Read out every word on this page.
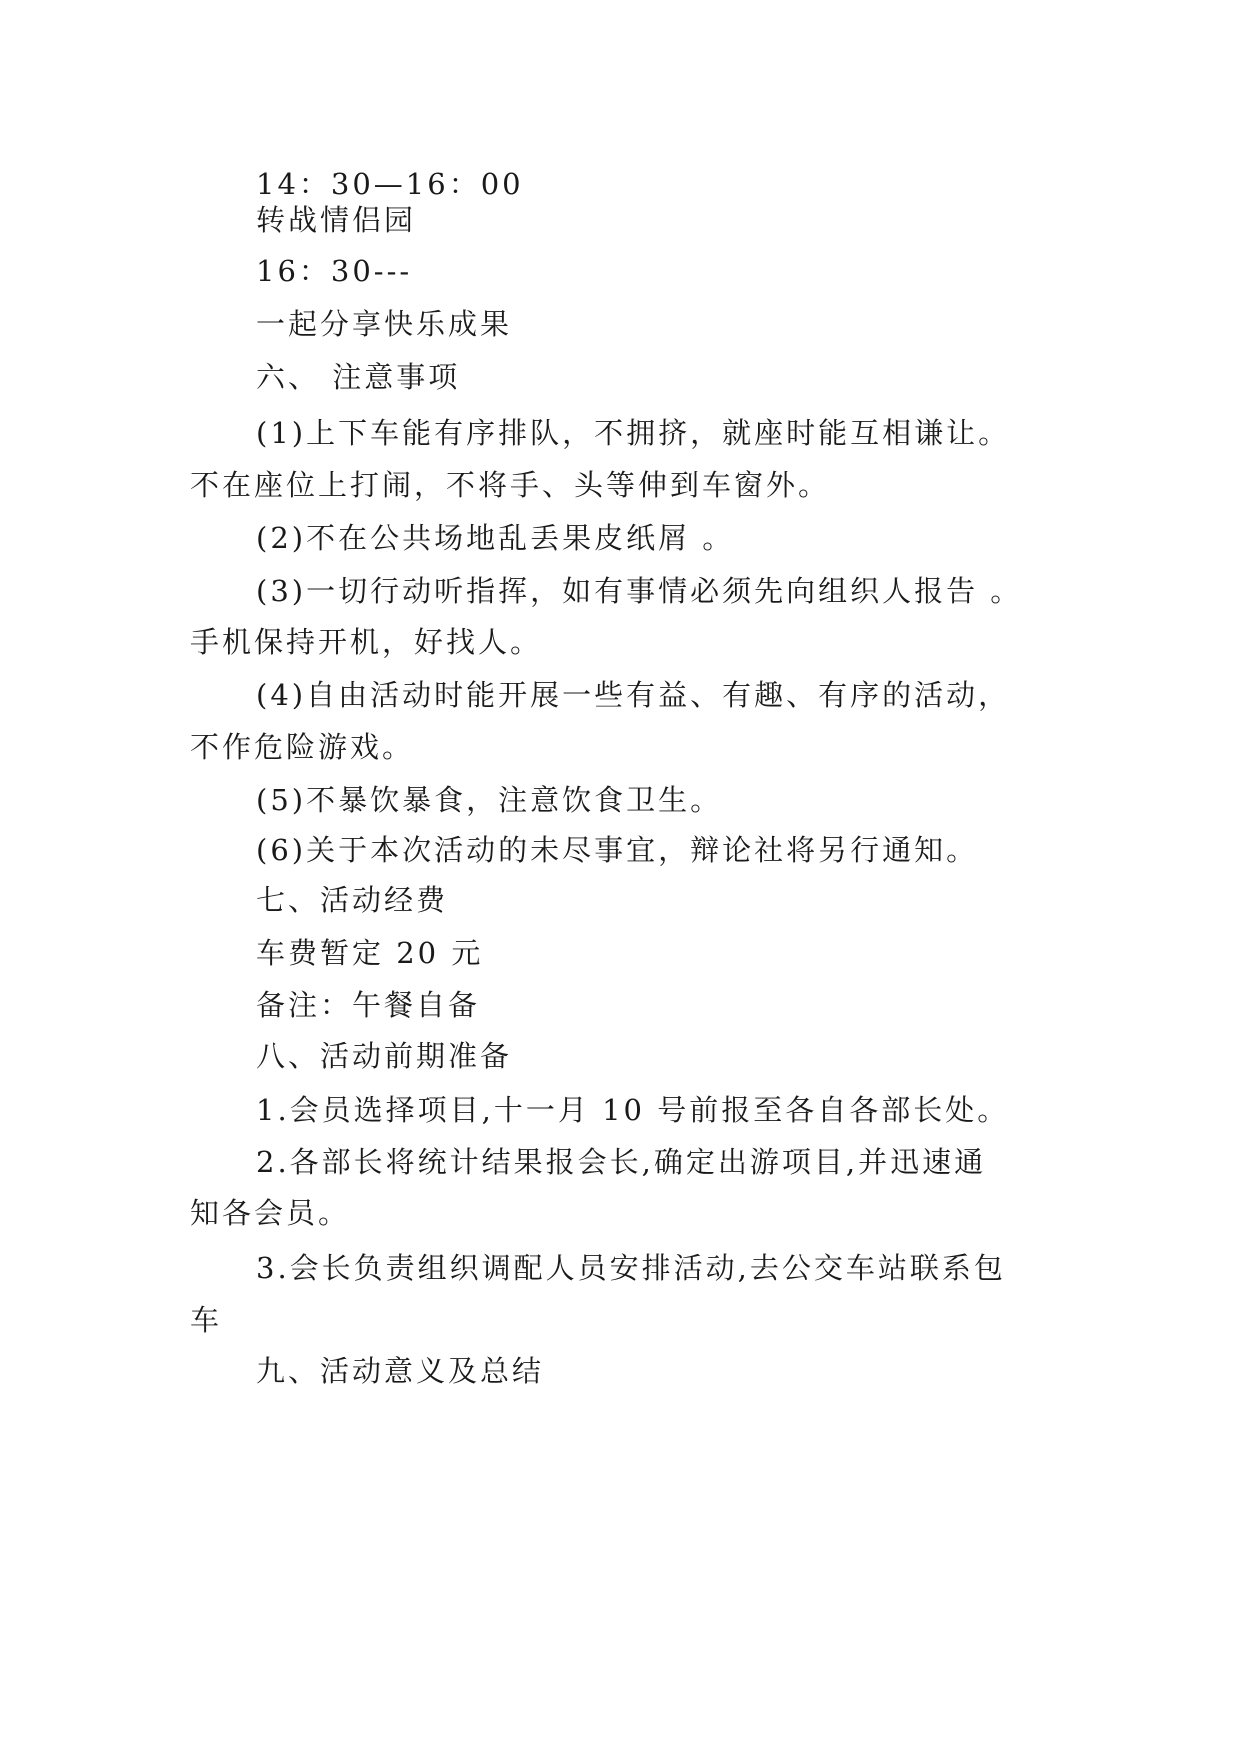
14：30—16：00
转战情侣园
16：30---
一起分享快乐成果
六、 注意事项
(1)上下车能有序排队，不拥挤，就座时能互相谦让。
不在座位上打闹，不将手、头等伸到车窗外。
(2)不在公共场地乱丢果皮纸屑 。
(3)一切行动听指挥，如有事情必须先向组织人报告 。
手机保持开机，好找人。
(4)自由活动时能开展一些有益、有趣、有序的活动，
不作危险游戏。
(5)不暴饮暴食，注意饮食卫生。
(6)关于本次活动的未尽事宜，辩论社将另行通知。
七、活动经费
车费暂定 20 元
备注：午餐自备
八、活动前期准备
1.会员选择项目,十一月 10 号前报至各自各部长处。
2.各部长将统计结果报会长,确定出游项目,并迅速通
知各会员。
3.会长负责组织调配人员安排活动,去公交车站联系包
车
九、活动意义及总结
